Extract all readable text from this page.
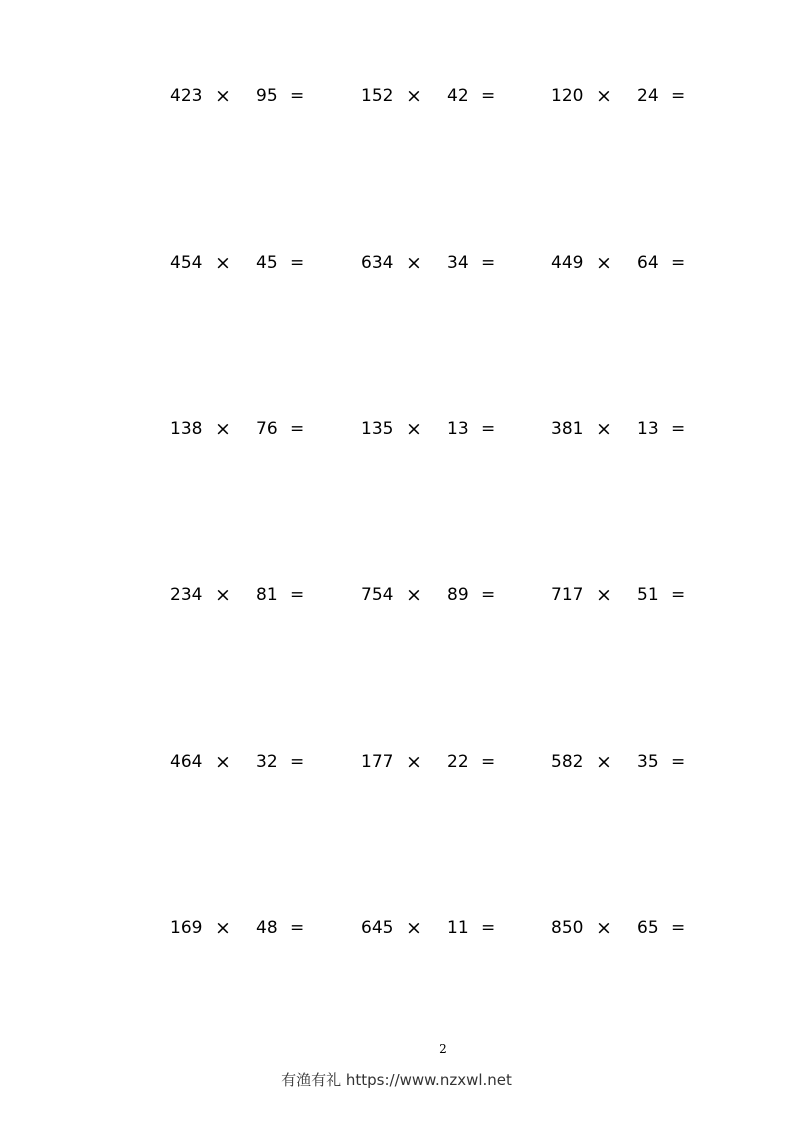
423 × 95 =	152 × 42 =	120 × 24 =
454 × 45 =	634 × 34 =	449 × 64 =
138 × 76 =	135 × 13 =	381 × 13 =
234 × 81 =	754 × 89 =	717 × 51 =
464 × 32 =	177 × 22 =	582 × 35 =
169 × 48 =	645 × 11 =	850 × 65 =
2
有渔有礼 https://www.nzxwl.net
